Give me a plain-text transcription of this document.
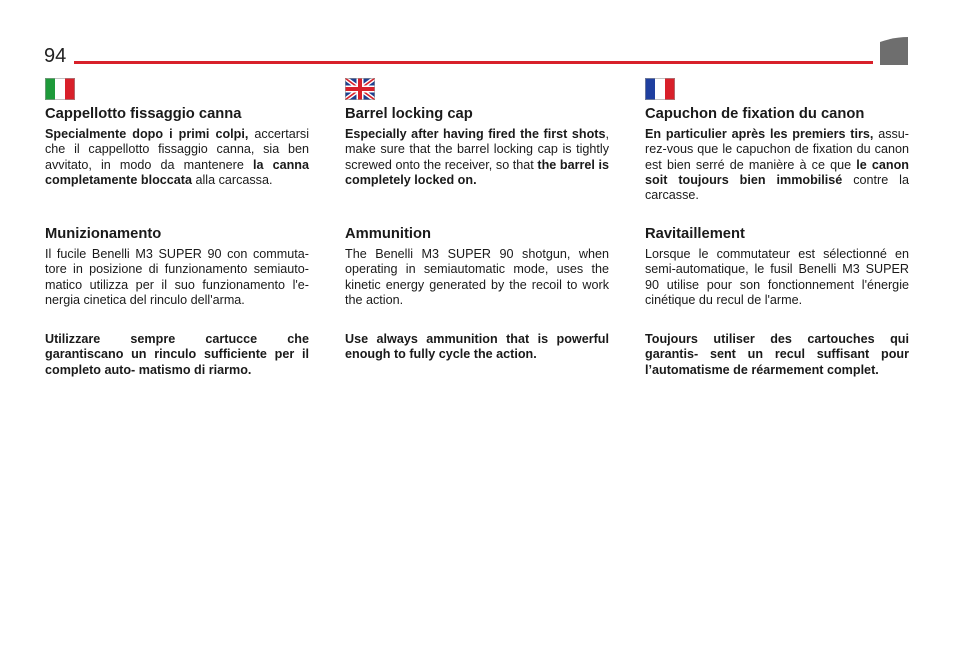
94
Cappellotto fissaggio canna

Specialmente dopo i primi colpi, accertarsi che il cappellotto fissaggio canna, sia ben avvitato, in modo da mantenere la canna completamente bloccata alla carcassa.

Munizionamento

Il fucile Benelli M3 SUPER 90 con commuta- tore in posizione di funzionamento semiauto- matico utilizza per il suo funzionamento l'e- nergia cinetica del rinculo dell'arma.

Utilizzare sempre cartucce che garantiscano un rinculo sufficiente per il completo auto- matismo di riarmo.

Barrel locking cap

Especially after having fired the first shots, make sure that the barrel locking cap is tightly screwed onto the receiver, so that the barrel is completely locked on.

Ammunition

The Benelli M3 SUPER 90 shotgun, when operating in semiautomatic mode, uses the kinetic energy generated by the recoil to work the action.

Use always ammunition that is powerful enough to fully cycle the action.

Capuchon de fixation du canon

En particulier après les premiers tirs, assu- rez-vous que le capuchon de fixation du canon est bien serré de manière à ce que le canon soit toujours bien immobilisé contre la carcasse.

Ravitaillement

Lorsque le commutateur est sélectionné en semi-automatique, le fusil Benelli M3 SUPER 90 utilise pour son fonctionnement l'énergie cinétique du recul de l'arme.

Toujours utiliser des cartouches qui garantis- sent un recul suffisant pour l’automatisme de réarmement complet.
